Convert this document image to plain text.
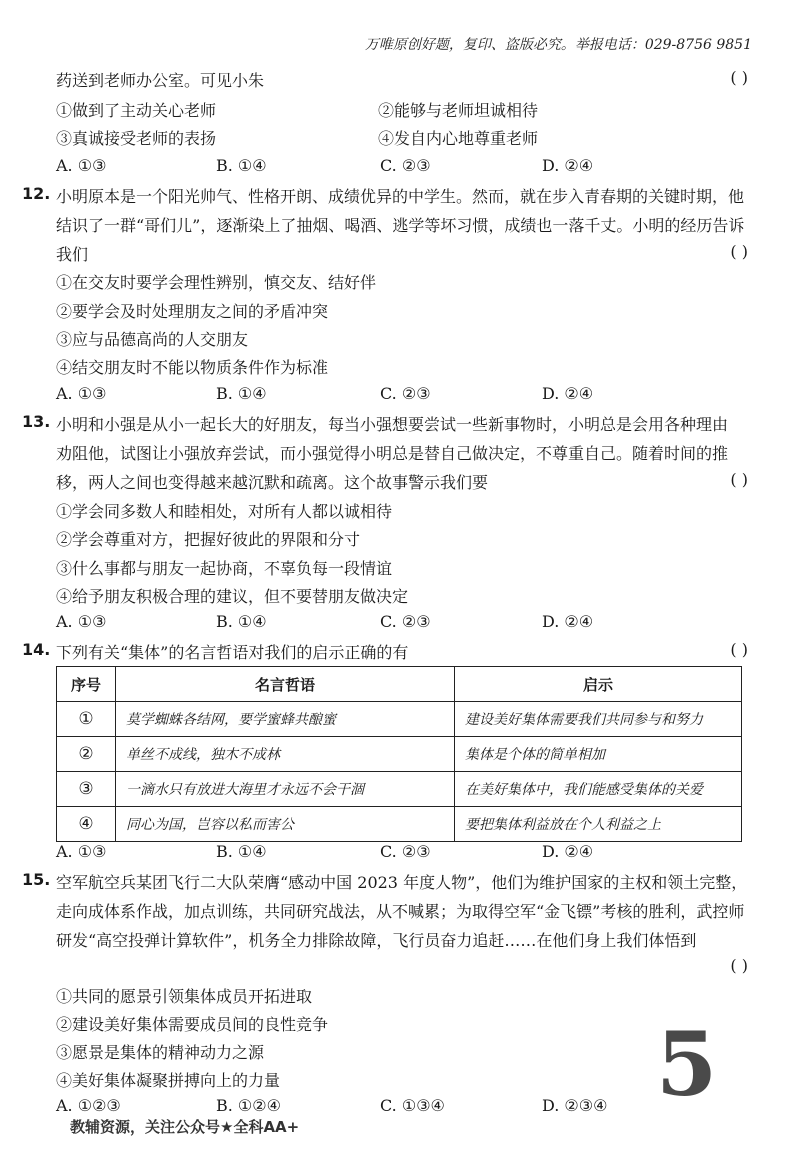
万唯原创好题，复印、盗版必究。举报电话：029-8756 9851
药送到老师办公室。可见小朱	( )
①做到了主动关心老师	②能够与老师坦诚相待
③真诚接受老师的表扬	④发自内心地尊重老师
A. ①③	B. ①④	C. ②③	D. ②④
12. 小明原本是一个阳光帅气、性格开朗、成绩优异的中学生。然而，就在步入青春期的关键时期，他
结识了一群“哥们儿”，逐渐染上了抽烟、喝酒、逃学等坏习惯，成绩也一落千丈。小明的经历告诉
我们	( )
①在交友时要学会理性辨别，慎交友、结好伴
②要学会及时处理朋友之间的矛盾冲突
③应与品德高尚的人交朋友
④结交朋友时不能以物质条件作为标准
A. ①③	B. ①④	C. ②③	D. ②④
13. 小明和小强是从小一起长大的好朋友，每当小强想要尝试一些新事物时，小明总是会用各种理由
劝阻他，试图让小强放弃尝试，而小强觉得小明总是替自己做决定，不尊重自己。随着时间的推
移，两人之间也变得越来越沉默和疏离。这个故事警示我们要	( )
①学会同多数人和睦相处，对所有人都以诚相待
②学会尊重对方，把握好彼此的界限和分寸
③什么事都与朋友一起协商，不辜负每一段情谊
④给予朋友积极合理的建议，但不要替朋友做决定
A. ①③	B. ①④	C. ②③	D. ②④
14. 下列有关“集体”的名言哲语对我们的启示正确的有	( )
序号	名言哲语	启示
①	莫学蜘蛛各结网，要学蜜蜂共酿蜜	建设美好集体需要我们共同参与和努力
②	单丝不成线，独木不成林	集体是个体的简单相加
③	一滴水只有放进大海里才永远不会干涸	在美好集体中，我们能感受集体的关爱
④	同心为国，岂容以私而害公	要把集体利益放在个人利益之上
A. ①③	B. ①④	C. ②③	D. ②④
15. 空军航空兵某团飞行二大队荣膺“感动中国 2023 年度人物”，他们为维护国家的主权和领土完整，
走向成体系作战，加点训练，共同研究战法，从不喊累；为取得空军“金飞镖”考核的胜利，武控师
研发“高空投弹计算软件”，机务全力排除故障，飞行员奋力追赶……在他们身上我们体悟到
( )
①共同的愿景引领集体成员开拓进取
②建设美好集体需要成员间的良性竞争
③愿景是集体的精神动力之源
④美好集体凝聚拼搏向上的力量
A. ①②③	B. ①②④	C. ①③④	D. ②③④ 5
教辅资源，关注公众号★全科AA+
